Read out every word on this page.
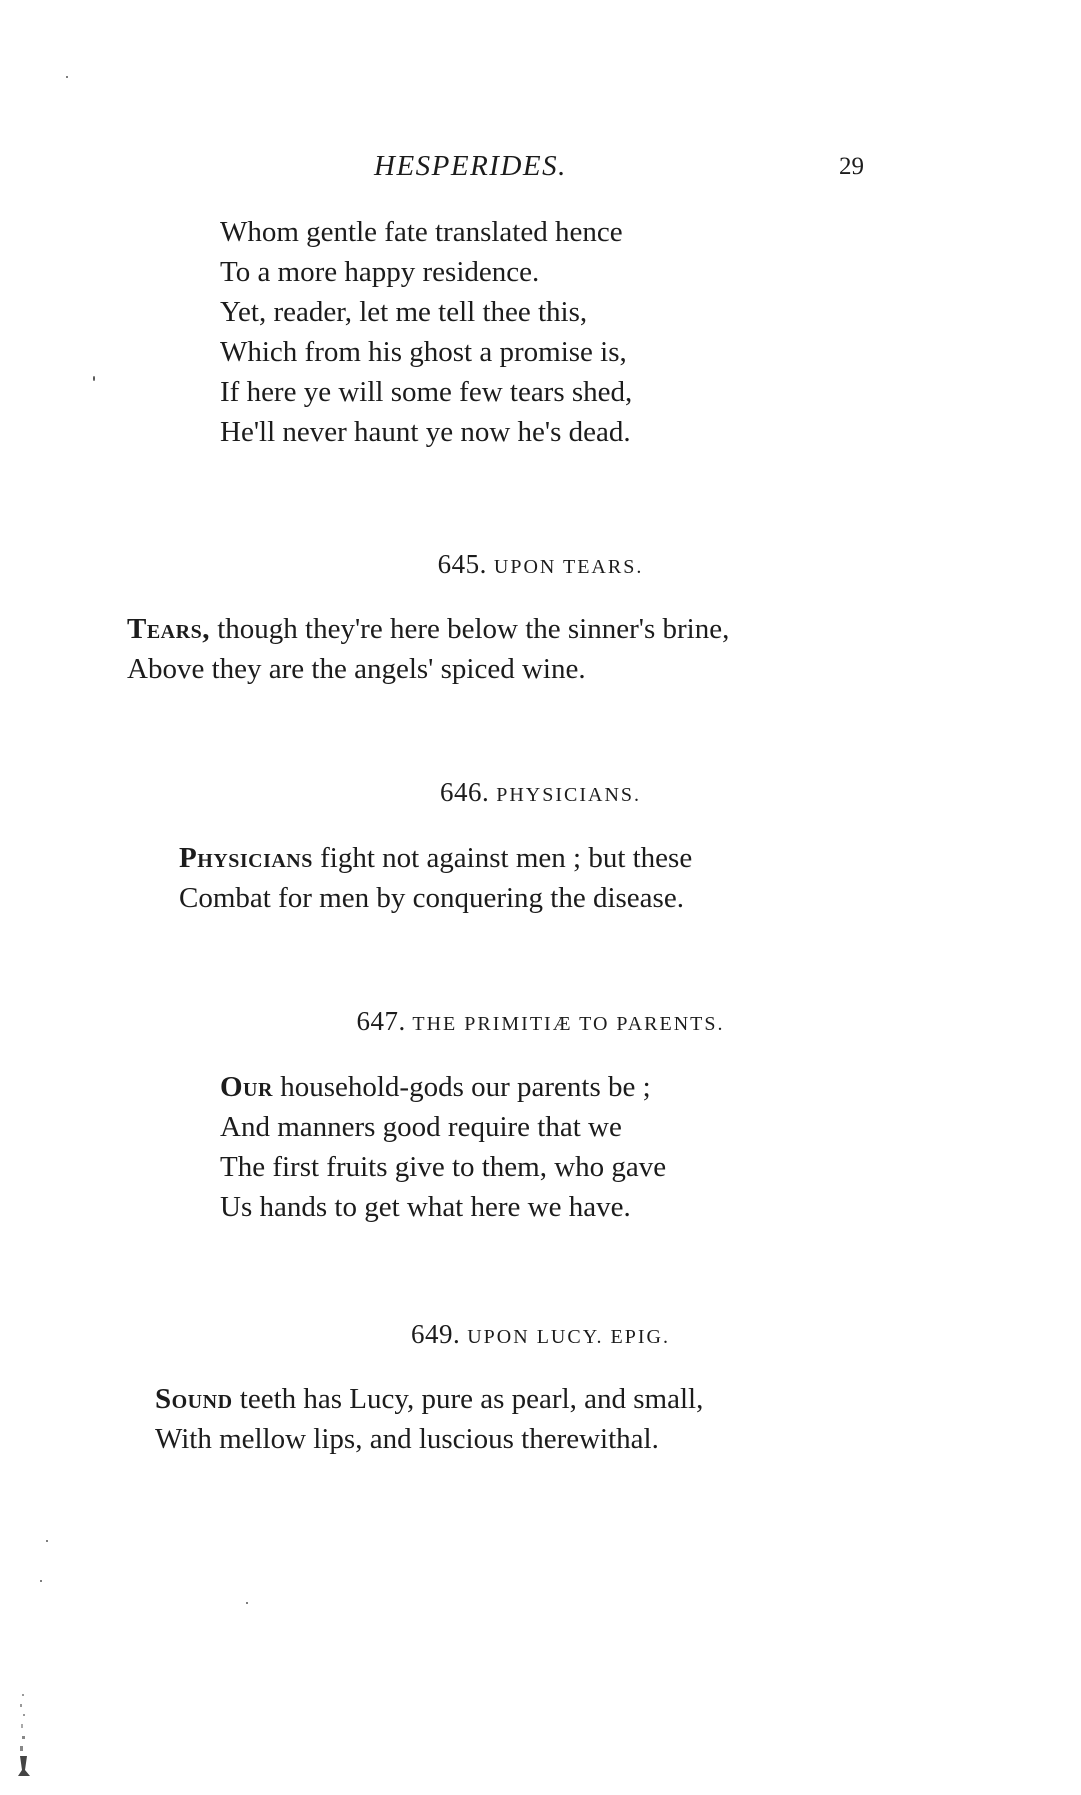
HESPERIDES.	29
Whom gentle fate translated hence
To a more happy residence.
Yet, reader, let me tell thee this,
Which from his ghost a promise is,
If here ye will some few tears shed,
He'll never haunt ye now he's dead.
645. UPON TEARS.
Tears, though they're here below the sinner's brine,
Above they are the angels' spiced wine.
646. PHYSICIANS.
Physicians fight not against men ; but these
Combat for men by conquering the disease.
647. THE PRIMITIÆ TO PARENTS.
Our household-gods our parents be ;
And manners good require that we
The first fruits give to them, who gave
Us hands to get what here we have.
649. UPON LUCY. EPIG.
Sound teeth has Lucy, pure as pearl, and small,
With mellow lips, and luscious therewithal.
